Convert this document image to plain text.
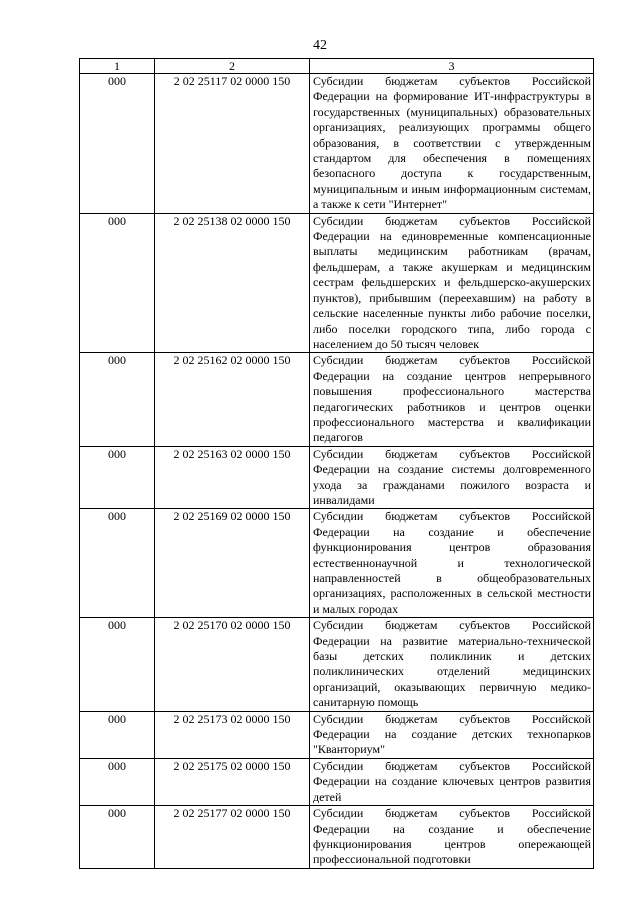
42
1	2	3
000	2 02 25117 02 0000 150	Субсидии бюджетам субъектов Российской Федерации на формирование ИТ-инфраструктуры в государственных (муниципальных) образовательных организациях, реализующих программы общего образования, в соответствии с утвержденным стандартом для обеспечения в помещениях безопасного доступа к государственным, муниципальным и иным информационным системам, а также к сети "Интернет"
000	2 02 25138 02 0000 150	Субсидии бюджетам субъектов Российской Федерации на единовременные компенсационные выплаты медицинским работникам (врачам, фельдшерам, а также акушеркам и медицинским сестрам фельдшерских и фельдшерско-акушерских пунктов), прибывшим (переехавшим) на работу в сельские населенные пункты либо рабочие поселки, либо поселки городского типа, либо города с населением до 50 тысяч человек
000	2 02 25162 02 0000 150	Субсидии бюджетам субъектов Российской Федерации на создание центров непрерывного повышения профессионального мастерства педагогических работников и центров оценки профессионального мастерства и квалификации педагогов
000	2 02 25163 02 0000 150	Субсидии бюджетам субъектов Российской Федерации на создание системы долговременного ухода за гражданами пожилого возраста и инвалидами
000	2 02 25169 02 0000 150	Субсидии бюджетам субъектов Российской Федерации на создание и обеспечение функционирования центров образования естественнонаучной и технологической направленностей в общеобразовательных организациях, расположенных в сельской местности и малых городах
000	2 02 25170 02 0000 150	Субсидии бюджетам субъектов Российской Федерации на развитие материально-технической базы детских поликлиник и детских поликлинических отделений медицинских организаций, оказывающих первичную медико-санитарную помощь
000	2 02 25173 02 0000 150	Субсидии бюджетам субъектов Российской Федерации на создание детских технопарков "Кванториум"
000	2 02 25175 02 0000 150	Субсидии бюджетам субъектов Российской Федерации на создание ключевых центров развития детей
000	2 02 25177 02 0000 150	Субсидии бюджетам субъектов Российской Федерации на создание и обеспечение функционирования центров опережающей профессиональной подготовки
